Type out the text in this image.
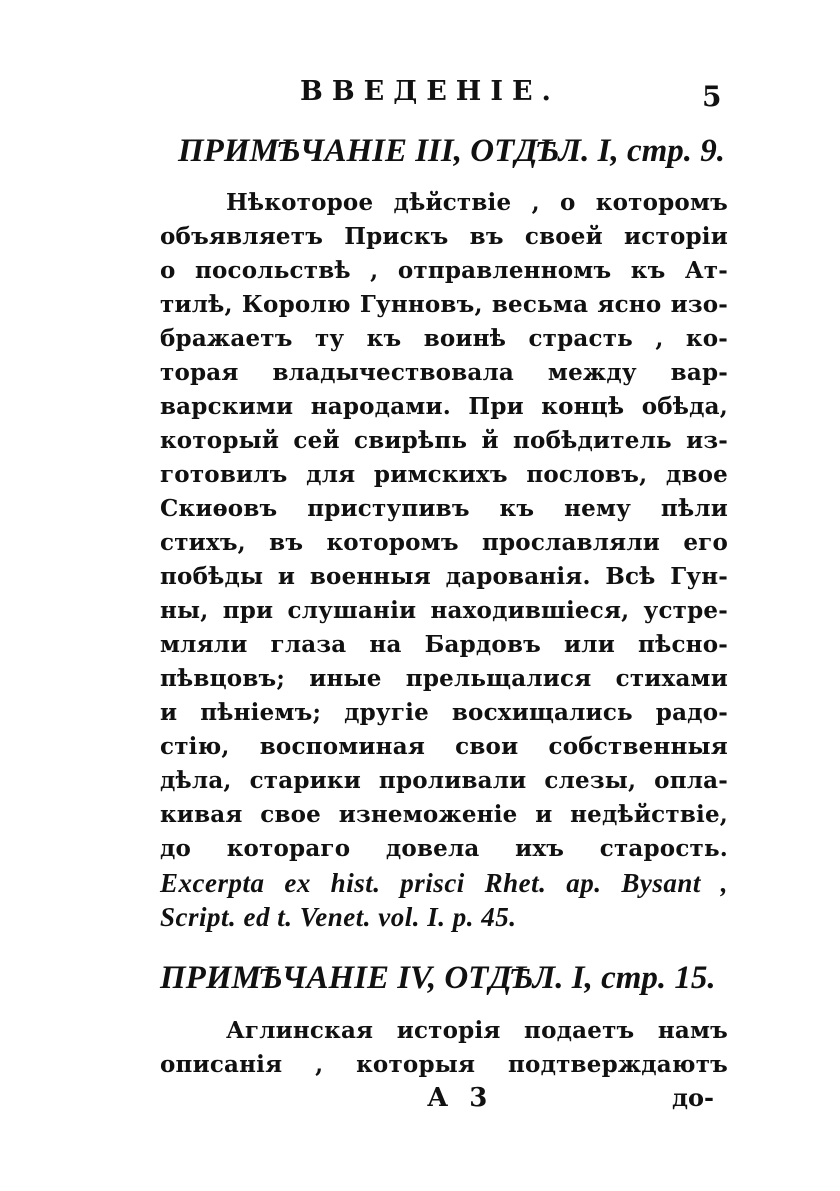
ВВЕДЕНІЕ.	5
ПРИМѢЧАНІЕ III, ОТДѢЛ. I, стр. 9.
Нѣкоторое дѣйствіе , о которомъ
объявляетъ Прискъ въ своей исторіи
о посольствѣ , отправленномъ къ Ат-
тилѣ, Королю Гунновъ, весьма ясно изо-
бражаетъ ту къ воинѣ страсть , ко-
торая владычествовала между вар-
варскими народами. При концѣ обѣда,
который сей свирѣпь й побѣдитель из-
готовилъ для римскихъ пословъ, двое
Скиѳовъ приступивъ къ нему пѣли
стихъ, въ которомъ прославляли его
побѣды и военныя дарованія. Всѣ Гун-
ны, при слушаніи находившіеся, устре-
мляли глаза на Бардовъ или пѣсно-
пѣвцовъ; иные прельщалися стихами
и пѣніемъ; другіе восхищались радо-
стію, воспоминая свои собственныя
дѣла, старики проливали слезы, опла-
кивая свое изнеможеніе и недѣйствіе,
до котораго довела ихъ старость.
Excerpta ex hist. prisci Rhet. ap. Bysant ,
Script. ed t. Venet. vol. I. p. 45.
ПРИМѢЧАНІЕ IV, ОТДѢЛ. I, стр. 15.
Аглинская исторія подаетъ намъ
описанія , которыя подтверждаютъ
А 3	до-
